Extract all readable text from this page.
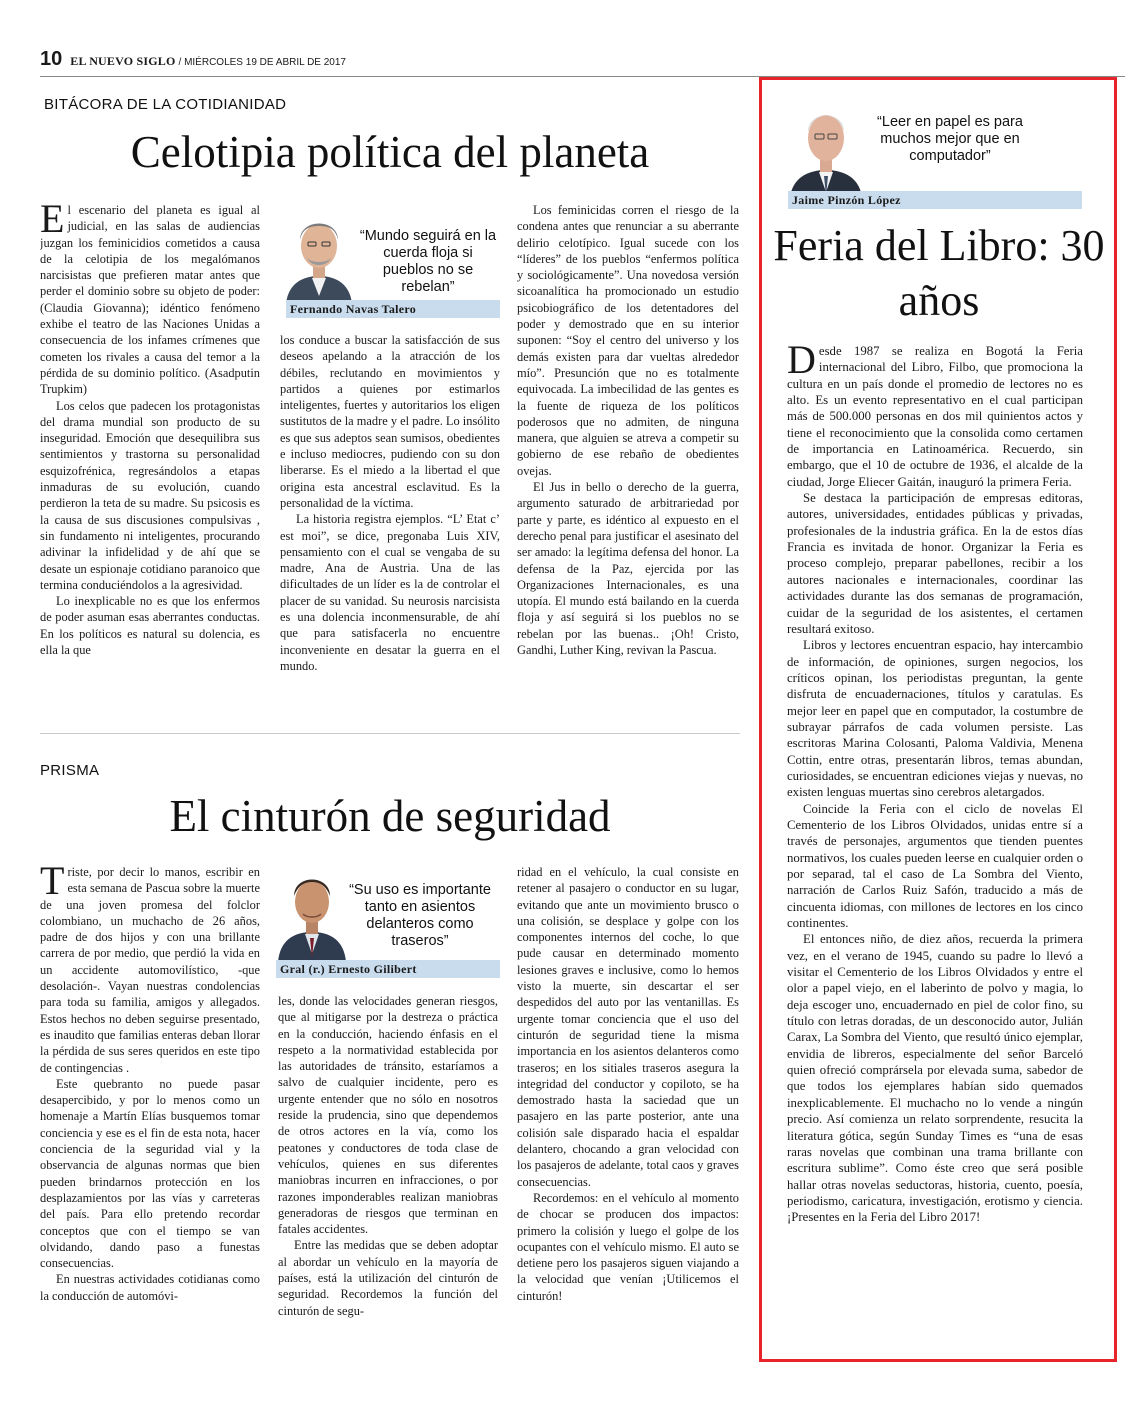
10 EL NUEVO SIGLO / MIÉRCOLES 19 DE ABRIL DE 2017
BITÁCORA DE LA COTIDIANIDAD
Celotipia política del planeta

El escenario del planeta es igual al judicial, en las salas de audiencias juzgan los feminicidios cometidos a causa de la celotipia de los megalómanos narcisistas que prefieren matar antes que perder el dominio sobre su objeto de poder: (Claudia Giovanna); idéntico fenómeno exhibe el teatro de las Naciones Unidas a consecuencia de los infames crímenes que cometen los rivales a causa del temor a la pérdida de su dominio político. (Asadputin Trupkim)

Los celos que padecen los protagonistas del drama mundial son producto de su inseguridad. Emoción que desequilibra sus sentimientos y trastorna su personalidad esquizofrénica, regresándolos a etapas inmaduras de su evolución, cuando perdieron la teta de su madre. Su psicosis es la causa de sus discusiones compulsivas , sin fundamento ni inteligentes, procurando adivinar la infidelidad y de ahí que se desate un espionaje cotidiano paranoico que termina conduciéndolos a la agresividad.

Lo inexplicable no es que los enfermos de poder asuman esas aberrantes conductas. En los políticos es natural su dolencia, es ella la que

“Mundo seguirá en la cuerda floja si pueblos no se rebelan”
Fernando Navas Talero

los conduce a buscar la satisfacción de sus deseos apelando a la atracción de los débiles, reclutando en movimientos y partidos a quienes por estimarlos inteligentes, fuertes y autoritarios los eligen sustitutos de la madre y el padre. Lo insólito es que sus adeptos sean sumisos, obedientes e incluso mediocres, pudiendo con su don liberarse. Es el miedo a la libertad el que origina esta ancestral esclavitud. Es la personalidad de la víctima.

La historia registra ejemplos. “L’ Etat c’ est moi”, se dice, pregonaba Luis XIV, pensamiento con el cual se vengaba de su madre, Ana de Austria. Una de las dificultades de un líder es la de controlar el placer de su vanidad. Su neurosis narcisista es una dolencia inconmensurable, de ahí que para satisfacerla no encuentre inconveniente en desatar la guerra en el mundo.

Los feminicidas corren el riesgo de la condena antes que renunciar a su aberrante delirio celotípico. Igual sucede con los “líderes” de los pueblos “enfermos política y sociológicamente”. Una novedosa versión sicoanalítica ha promocionado un estudio psicobiográfico de los detentadores del poder y demostrado que en su interior suponen: “Soy el centro del universo y los demás existen para dar vueltas alrededor mío”. Presunción que no es totalmente equivocada. La imbecilidad de las gentes es la fuente de riqueza de los políticos poderosos que no admiten, de ninguna manera, que alguien se atreva a competir su gobierno de ese rebaño de obedientes ovejas.

El Jus in bello o derecho de la guerra, argumento saturado de arbitrariedad por parte y parte, es idéntico al expuesto en el derecho penal para justificar el asesinato del ser amado: la legítima defensa del honor. La defensa de la Paz, ejercida por las Organizaciones Internacionales, es una utopía. El mundo está bailando en la cuerda floja y así seguirá si los pueblos no se rebelan por las buenas.. ¡Oh! Cristo, Gandhi, Luther King, revivan la Pascua.

PRISMA
El cinturón de seguridad

Triste, por decir lo manos, escribir en esta semana de Pascua sobre la muerte de una joven promesa del folclor colombiano, un muchacho de 26 años, padre de dos hijos y con una brillante carrera de por medio, que perdió la vida en un accidente automovilístico, -que desolación-. Vayan nuestras condolencias para toda su familia, amigos y allegados. Estos hechos no deben seguirse presentado, es inaudito que familias enteras deban llorar la pérdida de sus seres queridos en este tipo de contingencias .

Este quebranto no puede pasar desapercibido, y por lo menos como un homenaje a Martín Elías busquemos tomar conciencia y ese es el fin de esta nota, hacer conciencia de la seguridad vial y la observancia de algunas normas que bien pueden brindarnos protección en los desplazamientos por las vías y carreteras del país. Para ello pretendo recordar conceptos que con el tiempo se van olvidando, dando paso a funestas consecuencias.

En nuestras actividades cotidianas como la conducción de automóvi-

“Su uso es importante tanto en asientos delanteros como traseros”
Gral (r.) Ernesto Gilibert

les, donde las velocidades generan riesgos, que al mitigarse por la destreza o práctica en la conducción, haciendo énfasis en el respeto a la normatividad establecida por las autoridades de tránsito, estaríamos a salvo de cualquier incidente, pero es urgente entender que no sólo en nosotros reside la prudencia, sino que dependemos de otros actores en la vía, como los peatones y conductores de toda clase de vehículos, quienes en sus diferentes maniobras incurren en infracciones, o por razones imponderables realizan maniobras generadoras de riesgos que terminan en fatales accidentes.

Entre las medidas que se deben adoptar al abordar un vehículo en la mayoría de países, está la utilización del cinturón de seguridad. Recordemos la función del cinturón de segu-

ridad en el vehículo, la cual consiste en retener al pasajero o conductor en su lugar, evitando que ante un movimiento brusco o una colisión, se desplace y golpe con los componentes internos del coche, lo que pude causar en determinado momento lesiones graves e inclusive, como lo hemos visto la muerte, sin descartar el ser despedidos del auto por las ventanillas. Es urgente tomar conciencia que el uso del cinturón de seguridad tiene la misma importancia en los asientos delanteros como traseros; en los sitiales traseros asegura la integridad del conductor y copiloto, se ha demostrado hasta la saciedad que un pasajero en las parte posterior, ante una colisión sale disparado hacia el espaldar delantero, chocando a gran velocidad con los pasajeros de adelante, total caos y graves consecuencias.

Recordemos: en el vehículo al momento de chocar se producen dos impactos: primero la colisión y luego el golpe de los ocupantes con el vehículo mismo. El auto se detiene pero los pasajeros siguen viajando a la velocidad que venían ¡Utilicemos el cinturón!

“Leer en papel es para muchos mejor que en computador”
Jaime Pinzón López
Feria del Libro: 30 años

Desde 1987 se realiza en Bogotá la Feria internacional del Libro, Filbo, que promociona la cultura en un país donde el promedio de lectores no es alto. Es un evento representativo en el cual participan más de 500.000 personas en dos mil quinientos actos y tiene el reconocimiento que la consolida como certamen de importancia en Latinoamérica. Recuerdo, sin embargo, que el 10 de octubre de 1936, el alcalde de la ciudad, Jorge Eliecer Gaitán, inauguró la primera Feria.

Se destaca la participación de empresas editoras, autores, universidades, entidades públicas y privadas, profesionales de la industria gráfica. En la de estos días Francia es invitada de honor. Organizar la Feria es proceso complejo, preparar pabellones, recibir a los autores nacionales e internacionales, coordinar las actividades durante las dos semanas de programación, cuidar de la seguridad de los asistentes, el certamen resultará exitoso.

Libros y lectores encuentran espacio, hay intercambio de información, de opiniones, surgen negocios, los críticos opinan, los periodistas preguntan, la gente disfruta de encuadernaciones, títulos y caratulas. Es mejor leer en papel que en computador, la costumbre de subrayar párrafos de cada volumen persiste. Las escritoras Marina Colosanti, Paloma Valdivia, Menena Cottin, entre otras, presentarán libros, temas abundan, curiosidades, se encuentran ediciones viejas y nuevas, no existen lenguas muertas sino cerebros aletargados.

Coincide la Feria con el ciclo de novelas El Cementerio de los Libros Olvidados, unidas entre sí a través de personajes, argumentos que tienden puentes normativos, los cuales pueden leerse en cualquier orden o por separad, tal el caso de La Sombra del Viento, narración de Carlos Ruiz Safón, traducido a más de cincuenta idiomas, con millones de lectores en los cinco continentes.

El entonces niño, de diez años, recuerda la primera vez, en el verano de 1945, cuando su padre lo llevó a visitar el Cementerio de los Libros Olvidados y entre el olor a papel viejo, en el laberinto de polvo y magia, lo deja escoger uno, encuadernado en piel de color fino, su título con letras doradas, de un desconocido autor, Julián Carax, La Sombra del Viento, que resultó único ejemplar, envidia de libreros, especialmente del señor Barceló quien ofreció comprársela por elevada suma, sabedor de que todos los ejemplares habían sido quemados inexplicablemente. El muchacho no lo vende a ningún precio. Así comienza un relato sorprendente, resucita la literatura gótica, según Sunday Times es “una de esas raras novelas que combinan una trama brillante con escritura sublime”. Como éste creo que será posible hallar otras novelas seductoras, historia, cuento, poesía, periodismo, caricatura, investigación, erotismo y ciencia. ¡Presentes en la Feria del Libro 2017!
